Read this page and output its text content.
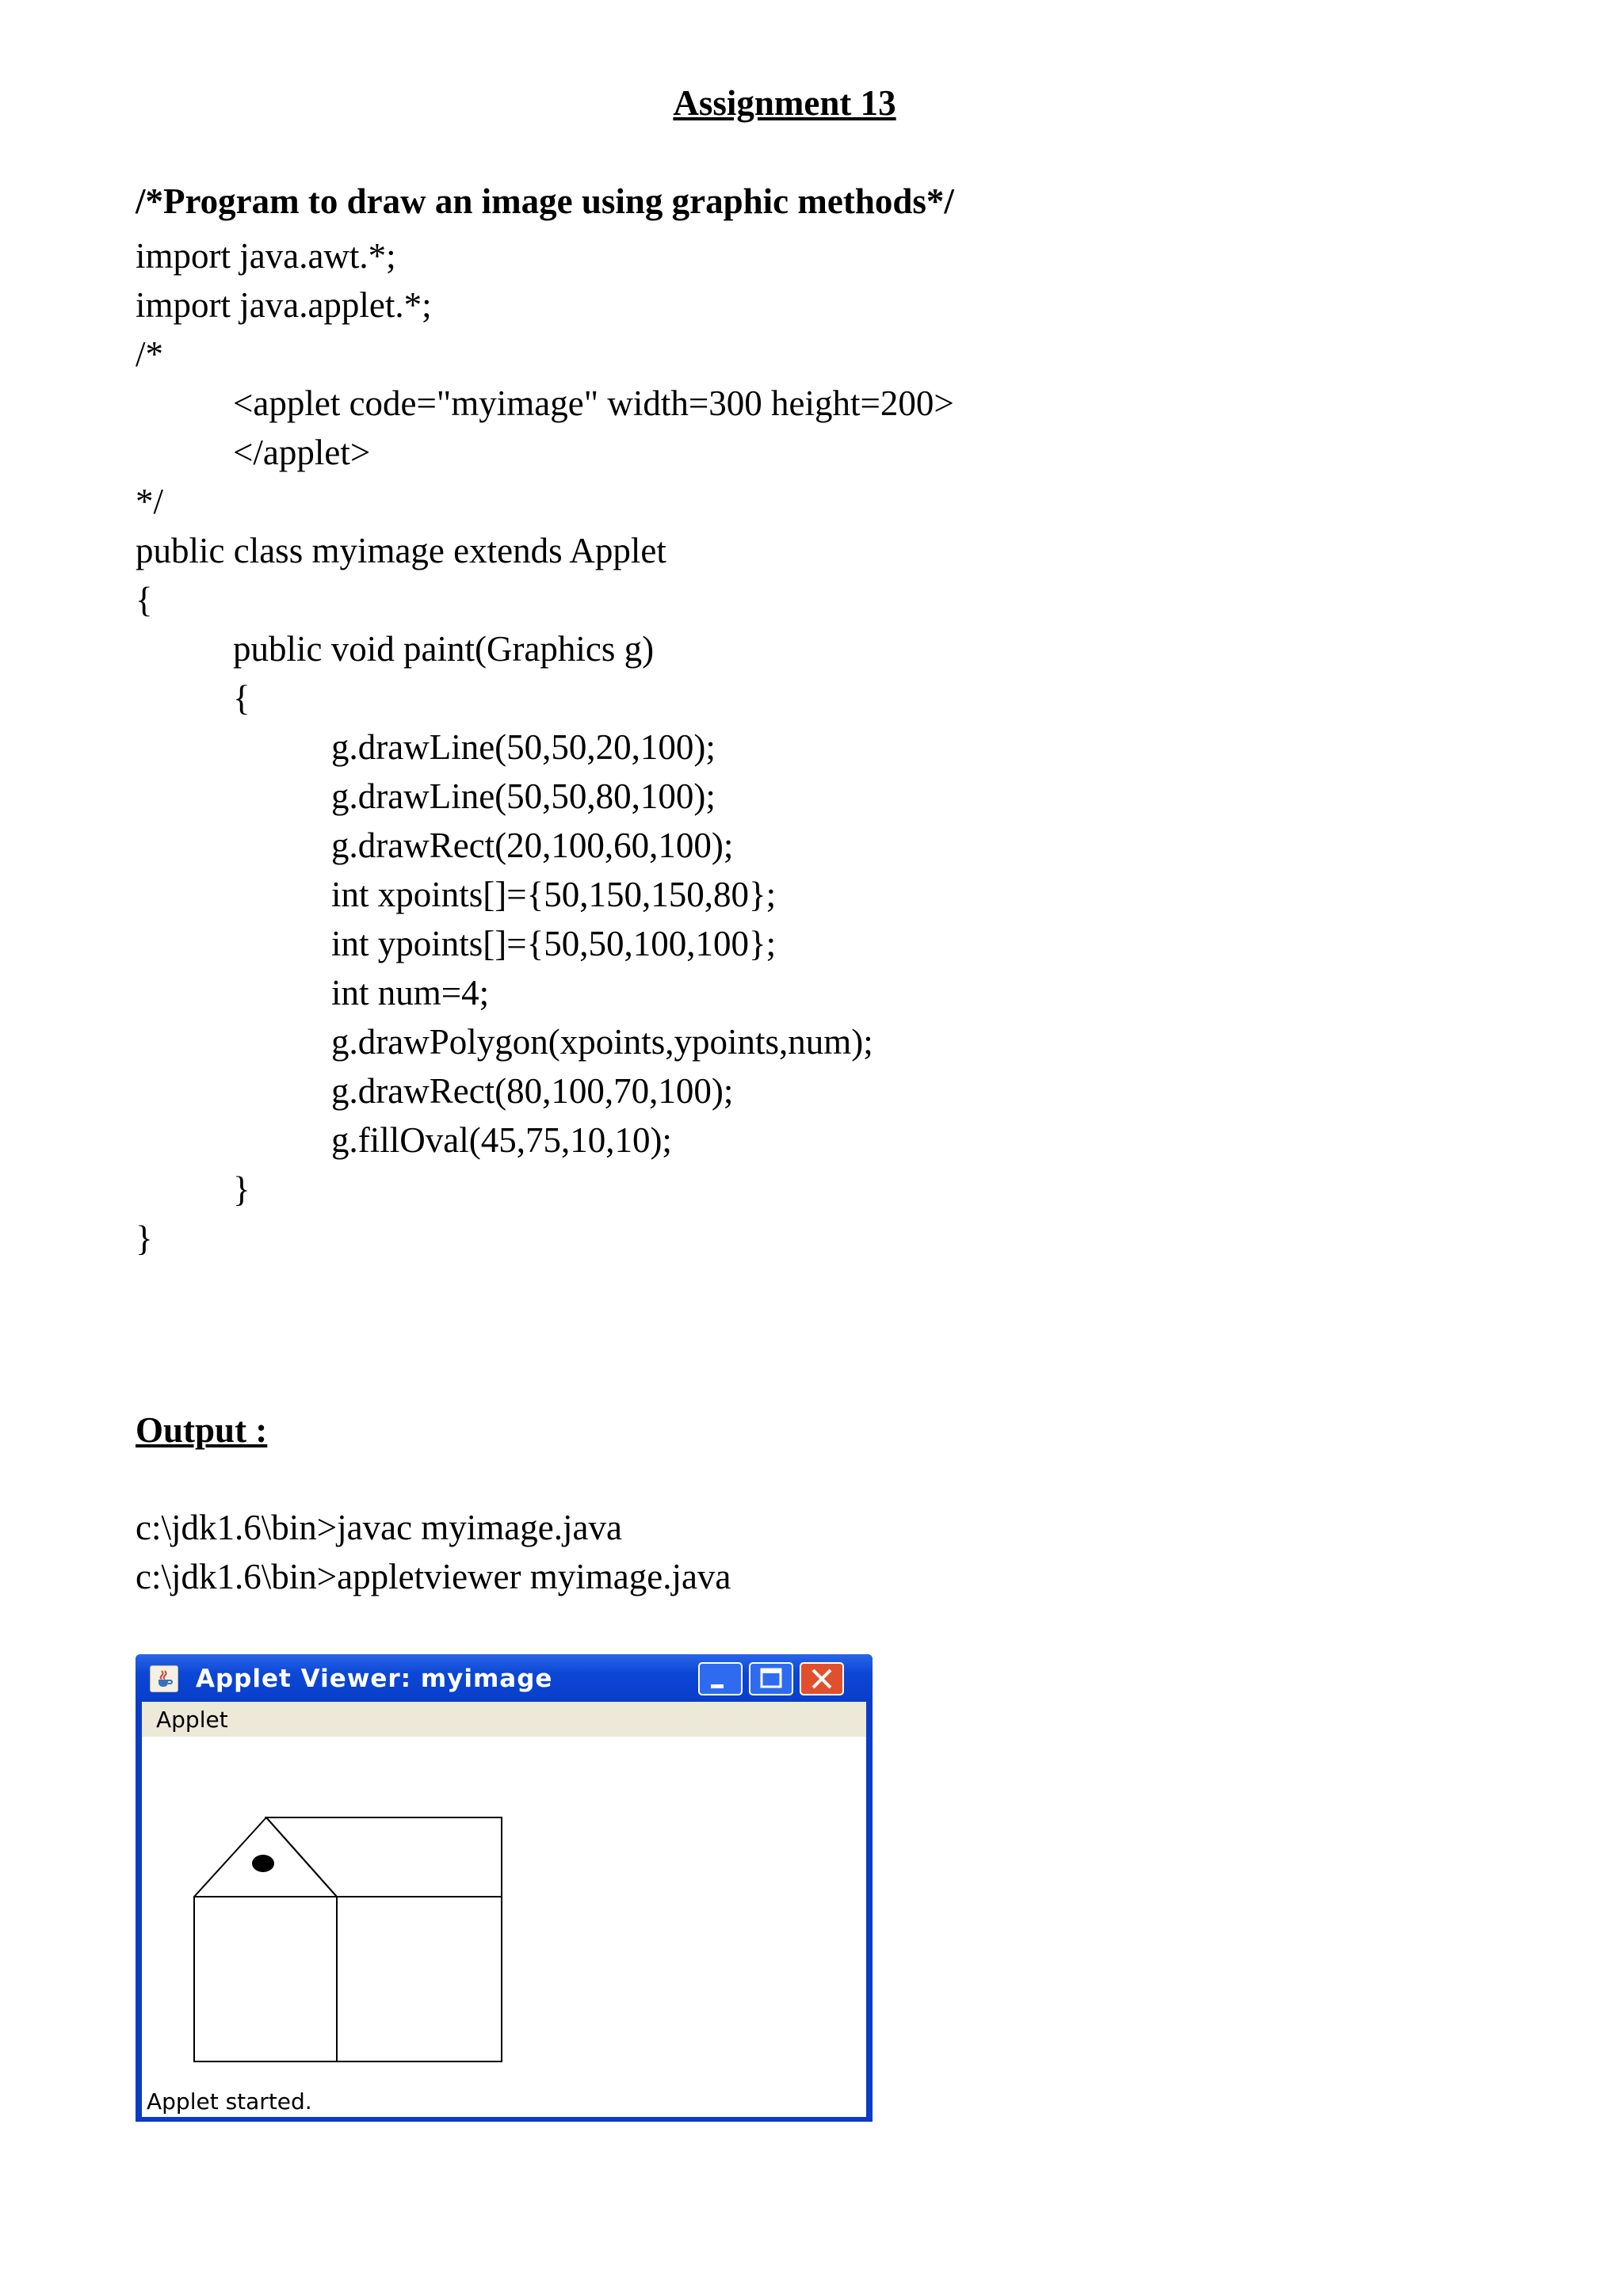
Assignment 13
/*Program to draw an image using graphic methods*/
import java.awt.*;
import java.applet.*;
/*
<applet code="myimage" width=300 height=200>
</applet>
*/
public class myimage extends Applet
{
public void paint(Graphics g)
{
g.drawLine(50,50,20,100);
g.drawLine(50,50,80,100);
g.drawRect(20,100,60,100);
int xpoints[]={50,150,150,80};
int ypoints[]={50,50,100,100};
int num=4;
g.drawPolygon(xpoints,ypoints,num);
g.drawRect(80,100,70,100);
g.fillOval(45,75,10,10);
}
}
Output :
c:\jdk1.6\bin>javac myimage.java
c:\jdk1.6\bin>appletviewer myimage.java
Applet Viewer: myimage
Applet
Applet started.
